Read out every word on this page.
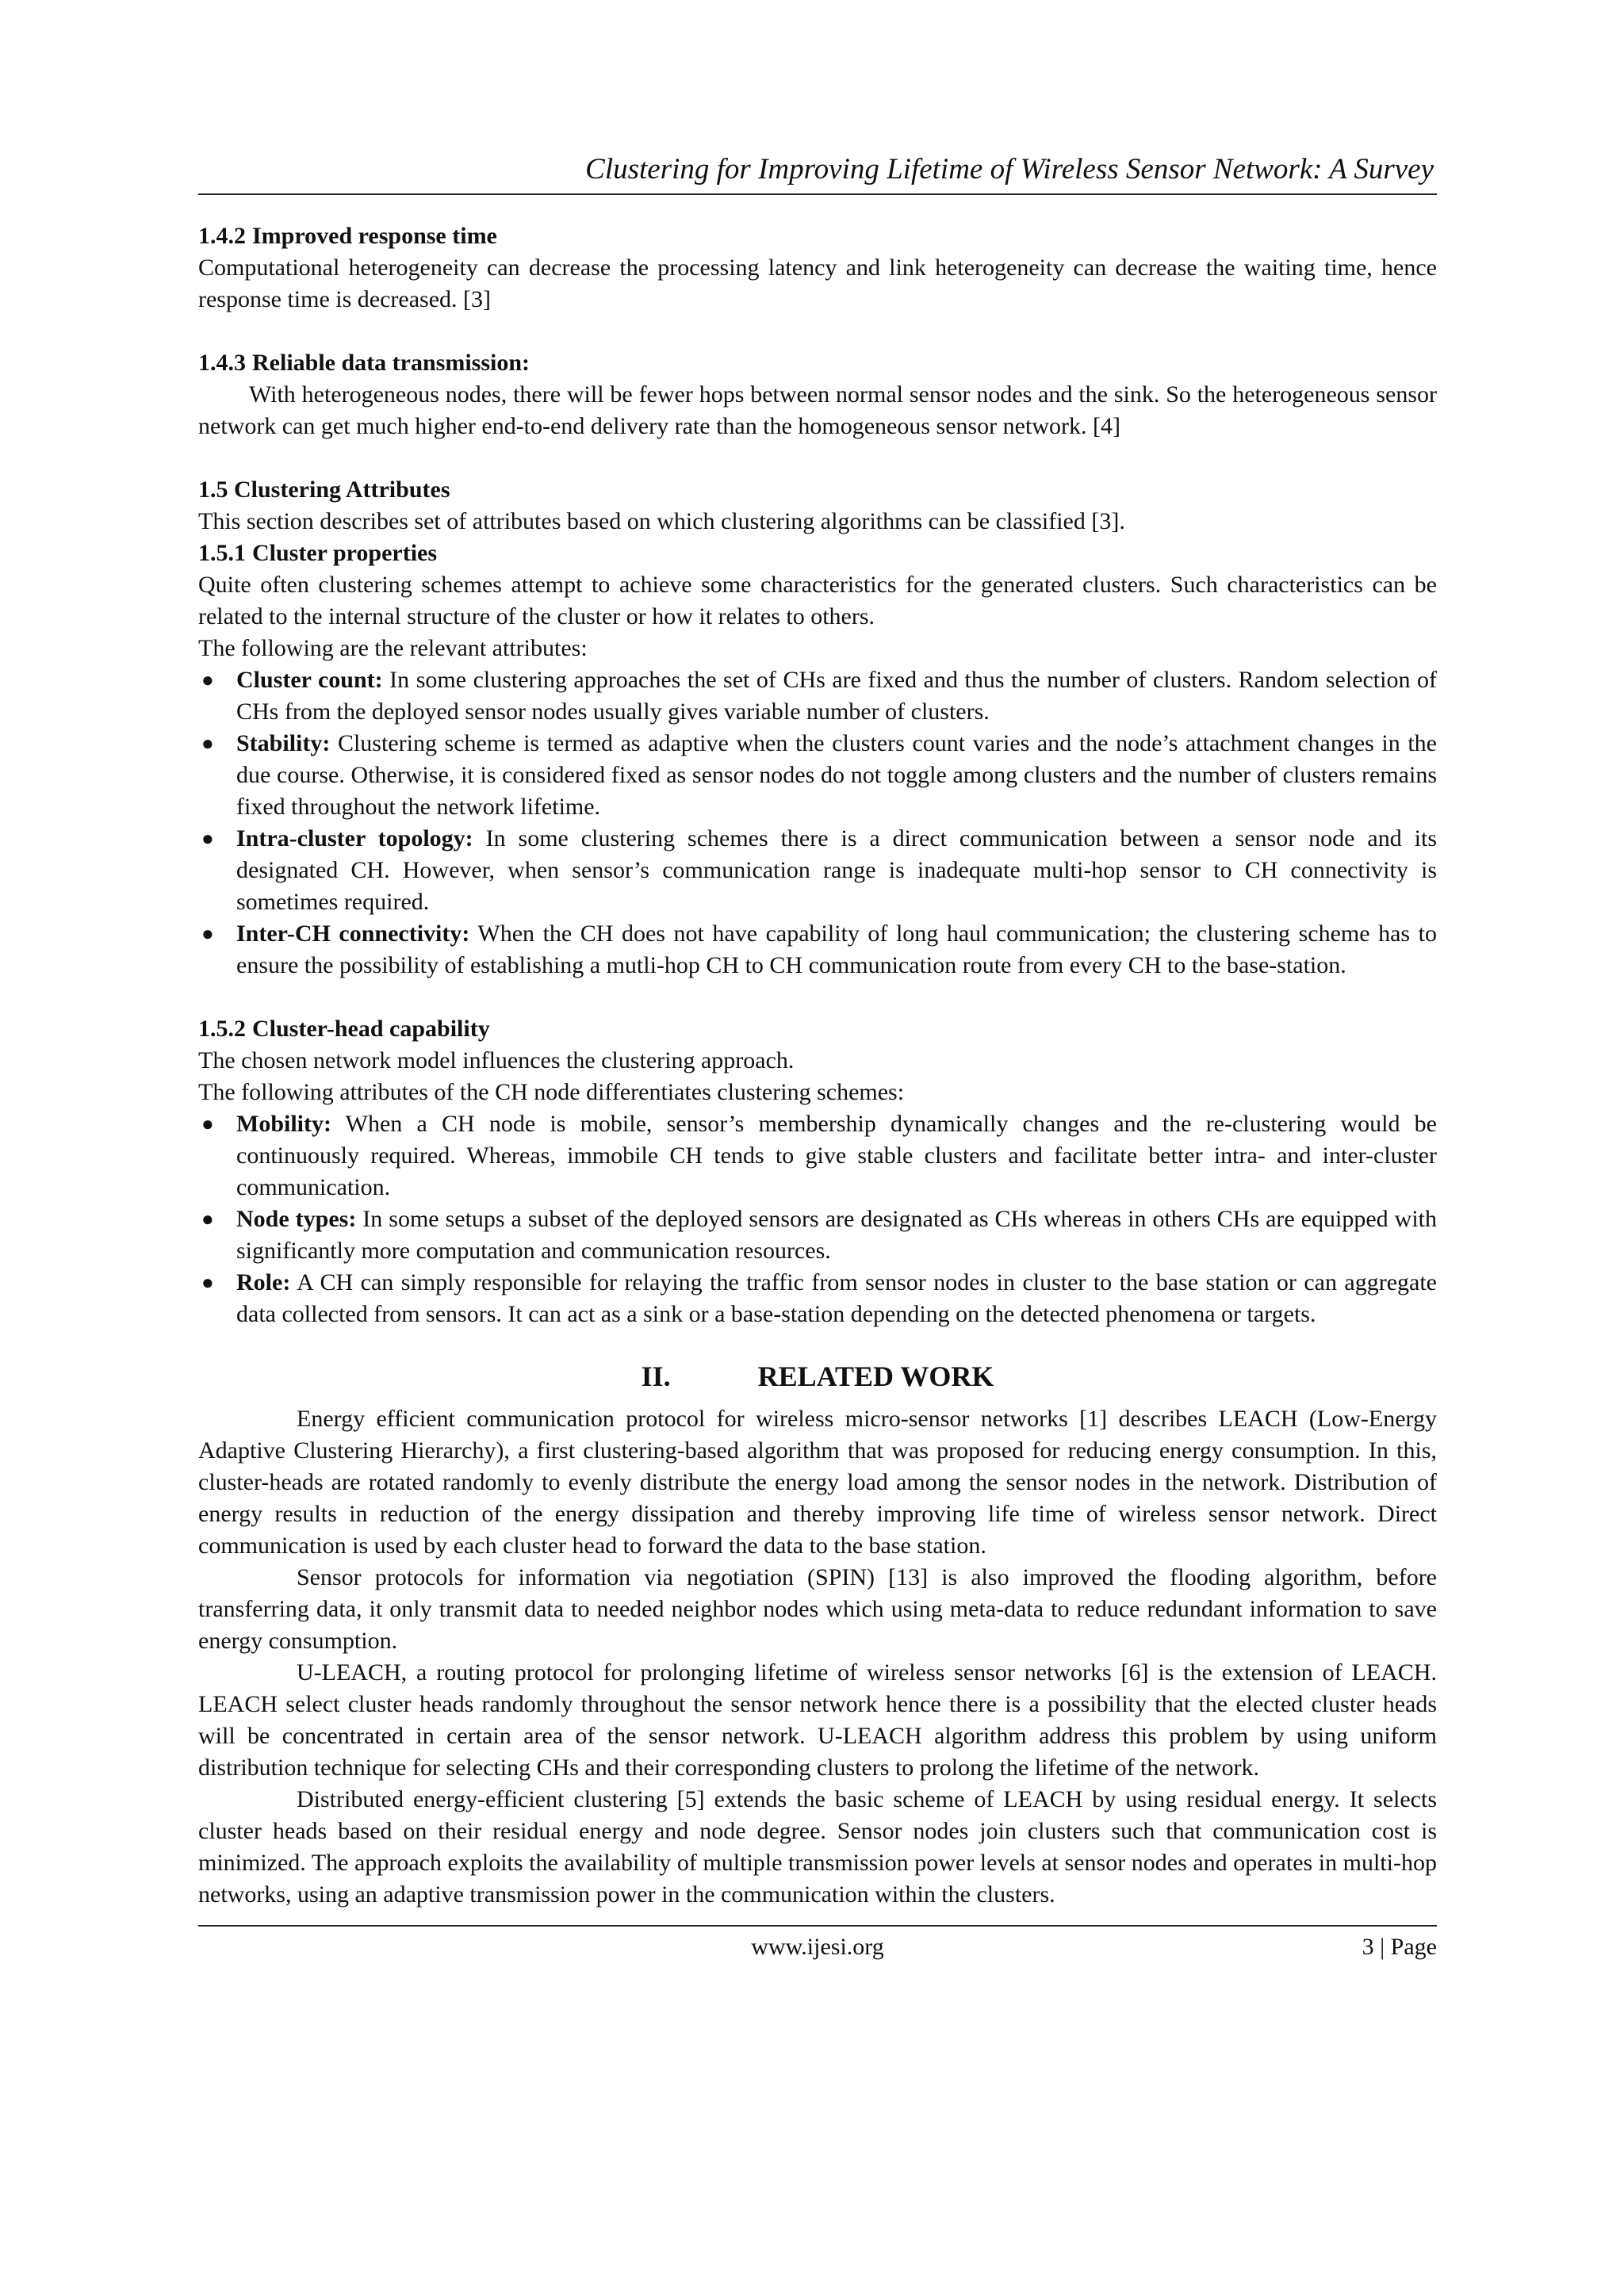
Clustering for Improving Lifetime of Wireless Sensor Network: A Survey
1.4.2 Improved response time

Computational heterogeneity can decrease the processing latency and link heterogeneity can decrease the waiting time, hence response time is decreased. [3]

1.4.3 Reliable data transmission:

With heterogeneous nodes, there will be fewer hops between normal sensor nodes and the sink. So the heterogeneous sensor network can get much higher end-to-end delivery rate than the homogeneous sensor network. [4]

1.5 Clustering Attributes

This section describes set of attributes based on which clustering algorithms can be classified [3].

1.5.1 Cluster properties

Quite often clustering schemes attempt to achieve some characteristics for the generated clusters. Such characteristics can be related to the internal structure of the cluster or how it relates to others.

The following are the relevant attributes:

● Cluster count: In some clustering approaches the set of CHs are fixed and thus the number of clusters. Random selection of CHs from the deployed sensor nodes usually gives variable number of clusters.
● Stability: Clustering scheme is termed as adaptive when the clusters count varies and the node’s attachment changes in the due course. Otherwise, it is considered fixed as sensor nodes do not toggle among clusters and the number of clusters remains fixed throughout the network lifetime.
● Intra-cluster topology: In some clustering schemes there is a direct communication between a sensor node and its designated CH. However, when sensor’s communication range is inadequate multi-hop sensor to CH connectivity is sometimes required.
● Inter-CH connectivity: When the CH does not have capability of long haul communication; the clustering scheme has to ensure the possibility of establishing a mutli-hop CH to CH communication route from every CH to the base-station.
1.5.2 Cluster-head capability

The chosen network model influences the clustering approach.

The following attributes of the CH node differentiates clustering schemes:

● Mobility: When a CH node is mobile, sensor’s membership dynamically changes and the re-clustering would be continuously required. Whereas, immobile CH tends to give stable clusters and facilitate better intra- and inter-cluster communication.
● Node types: In some setups a subset of the deployed sensors are designated as CHs whereas in others CHs are equipped with significantly more computation and communication resources.
● Role: A CH can simply responsible for relaying the traffic from sensor nodes in cluster to the base station or can aggregate data collected from sensors. It can act as a sink or a base-station depending on the detected phenomena or targets.
II.	RELATED WORK

Energy efficient communication protocol for wireless micro-sensor networks [1] describes LEACH (Low-Energy Adaptive Clustering Hierarchy), a first clustering-based algorithm that was proposed for reducing energy consumption. In this, cluster-heads are rotated randomly to evenly distribute the energy load among the sensor nodes in the network. Distribution of energy results in reduction of the energy dissipation and thereby improving life time of wireless sensor network. Direct communication is used by each cluster head to forward the data to the base station.

Sensor protocols for information via negotiation (SPIN) [13] is also improved the flooding algorithm, before transferring data, it only transmit data to needed neighbor nodes which using meta-data to reduce redundant information to save energy consumption.

U-LEACH, a routing protocol for prolonging lifetime of wireless sensor networks [6] is the extension of LEACH. LEACH select cluster heads randomly throughout the sensor network hence there is a possibility that the elected cluster heads will be concentrated in certain area of the sensor network. U-LEACH algorithm address this problem by using uniform distribution technique for selecting CHs and their corresponding clusters to prolong the lifetime of the network.

Distributed energy-efficient clustering [5] extends the basic scheme of LEACH by using residual energy. It selects cluster heads based on their residual energy and node degree. Sensor nodes join clusters such that communication cost is minimized. The approach exploits the availability of multiple transmission power levels at sensor nodes and operates in multi-hop networks, using an adaptive transmission power in the communication within the clusters.

www.ijesi.org	3 | Page
